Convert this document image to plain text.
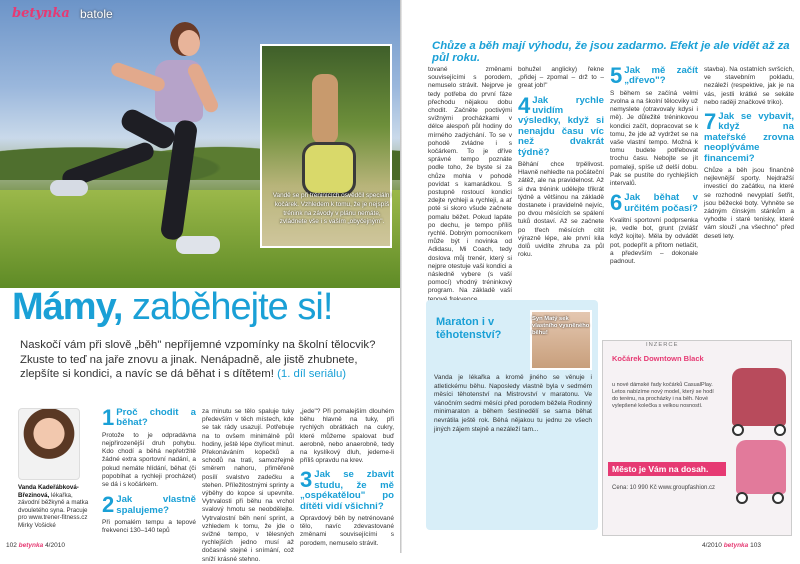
Vandě se při tréninících osvědčil speciální kočárek. Vzhledem k tomu, že je nejspíš trénink na závody v plánu nemáte, zvládnete vše i s vaším „obyčejným".
betynka batole
Mámy, zaběhejte si!
Naskočí vám při slově „běh" nepříjemné vzpomínky na školní tělocvik? Zkuste to teď na jaře znovu a jinak. Nenápadně, ale jistě zhubnete, zlepšíte si kondici, a navíc se dá běhat i s dítětem! (1. díl seriálu)
Vanda Kadeřábková-Březinová, lékařka, závodní běžkyně a matka dvouletého syna. Pracuje pro www.trener-fitness.cz Mirky Vošické
1 Proč chodit a běhat?
Protože to je odpradávna nejpřirozenější druh pohybu. Kdo chodí a běhá nepřetržitě žádné extra sportovní nadání, a pokud nemáte hlídání, běhat (či popobíhat a rychleji procházet) se dá i s kočárkem.
2 Jak vlastně spalujeme?
Při pomalém tempu a tepové frekvenci 130–140 tepů
za minutu se tělo spaluje tuky především v těch místech, kde se tak rády usazují. Potřebuje na to ovšem minimálně půl hodiny, ještě lépe čtyřicet minut. Překonáváním kopečků a schodů na trati, samozřejmě směrem nahoru, přiměřeně posílí svalstvo zadečku a stehen. Příležitostnými sprinty a výběhy do kopce si upevníte. Vytrvalosti při běhu na vrchol svalový hmotu se neobdělejte. Vytrvalostní běh není sprint, a vzhledem k tomu, že jde o svižné tempo, v tělesných rychlejších jedno musí až dočasně stejné i snímání, což sníží krásné stehno.
„jede"? Při pomalejším dlouhém běhu hlavně na tuky, při rychlých obrátkách na cukry, které můžeme spalovat buď aerobně, nebo anaerobně, tedy na kyslíkový dluh, jedeme-li příliš opravdu na krev.
3 Jak se zbavit studu, že mě „ospékatělou" po dítěti vidí všichni?
Opravdový běh by netrénované tělo, navíc zdevastované změnami souvisejícími s porodem, nemuselo strávit.
102 betynka 4/2010
Chůze a běh mají výhodu, že jsou zadarmo. Efekt je ale vidět až za půl roku.
tované změnami souvisejícími s porodem, nemuselo strávit. Nejprve je tedy potřeba do první fáze přechodu nějakou dobu chodit. Začněte poctivými svižnými procházkami v délce alespoň půl hodiny do mírného zadýchání. To se v pohodě zvládne i s kočárkem. To je dříve správné tempo poznáte podle toho, že byste si za chůze mohla v pohodě povídat s kamarádkou. S postupně rostoucí kondicí zdejte rychleji a rychleji, a ať poté si skoro všude začnete pomalu běžet. Pokud lapáte po dechu, je tempo příliš rychlé. Dobrým pomocníkem může být i novinka od Adidasu, Mi Coach, tedy doslova můj trenér, který si nejpre otestuje vaši kondici a následně vybere (s vaší pomocí) vhodný tréninkový program. Na základě vaší
bohužel anglicky) řekne „přidej – zpomal – drž to – great job!"
4 Jak rychle uvidím výsledky, když si nenajdu času víc než dvakrát týdně?
Běhání chce trpělivost. Hlavně nehledte na počáteční zátěž, ale na pravidelnost. Až si dva trénink udělejte třikrát týdně a většinou na základě dostanete i pravidelně nejvíc, po dvou měsících se spálení tuků dostaví. Až se začnete po třech měsících cítit výrazně lépe, ale první kila dolů uvidíte zhruba za půl roku.
5 Jak mě začít „dřevo"?
S během se začíná velmi zvolna a na školní tělocviky už nemyslete (otravovaly kdysi i mě). Je důležité tréninkovou kondici začít, dopracovat se k tomu, že jde až vydržet se na vaše vlastní tempo. Možná k tomu budete potřebovat trochu času. Nebojte se jít pomaleji, spíše už delší dobu. Pak se pustíte do rychlejších intervalů.
6 Jak běhat v určitém počasí?
Kvalitní sportovní podprsenka je, vedle bot, grunt (zvlášť když kojíte). Měla by odvádět pot, podepřít a přitom netlačit, a především – dokonale padnout.
stavba). Na ostatních svršcích, ve stavebním pokladu, nezáleží (respektive, jak je na vás, jestli krátké se sekáte nebo raději značkové triko).
7 Jak se vybavit, když na mateřské zrovna neoplýváme financemi?
Chůze a běh jsou finančně nejlevnější sporty. Nejdražší investicí do začátku, na které se rozhodně nevyplatí šetřit, jsou běžecké boty. Vyhněte se zádným čínským stánkům a vyhodte i staré tenisky, které vám slouží „na všechno" před deseti lety.
Maraton i v těhotenství?
Syn Matý sek vlastního vysněného běhu!
Vanda je lékařka a kromě jiného se věnuje i atletickému běhu. Naposledy vlastně byla v sedmém měsíci těhotenství na Mistrovství v maratonu. Ve vánočním sedmi měsíci před porodem běžela Rodinný minimaraton a během šestinedělí se sama běhat nevrátila ještě rok. Běhá nějakou tu jednu ze všech jiných zájem stejně a nezáleží tam...
INZERCE
Kočárek Downtown Black
u nové dámské řady kočárků CasualPlay. Letos nabízíme nový model, který se hodí do terénu, na procházky i na běh. Nové vylepšené kolečka s velkou nosností.
Město je Vám na dosah.
Cena: 10 990 Kč www.groupfashion.cz
4/2010 betynka 103
